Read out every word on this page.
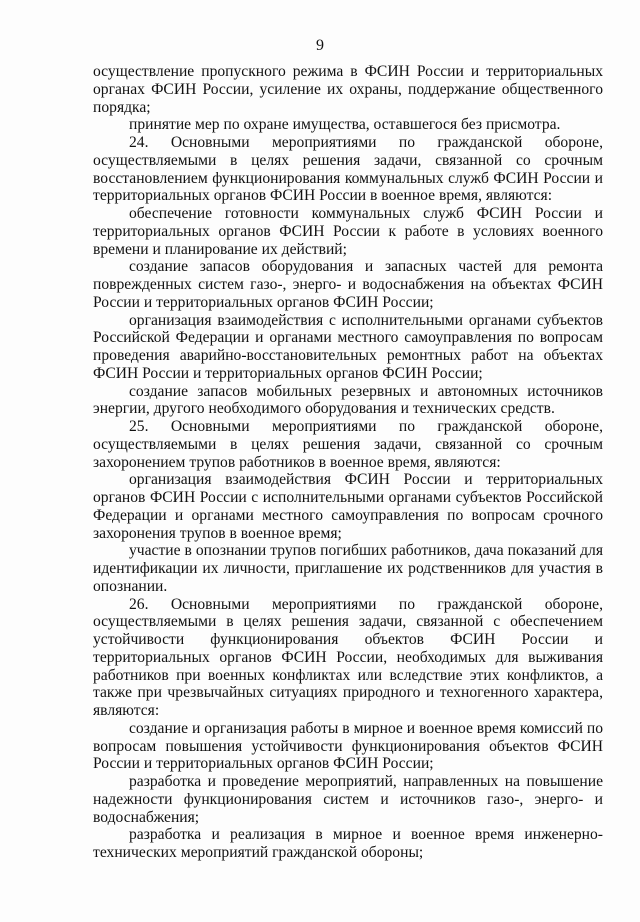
9

осуществление пропускного режима в ФСИН России и территориальных органах ФСИН России, усиление их охраны, поддержание общественного порядка;

принятие мер по охране имущества, оставшегося без присмотра.

24. Основными мероприятиями по гражданской обороне, осуществляемыми в целях решения задачи, связанной со срочным восстановлением функционирования коммунальных служб ФСИН России и территориальных органов ФСИН России в военное время, являются:

обеспечение готовности коммунальных служб ФСИН России и территориальных органов ФСИН России к работе в условиях военного времени и планирование их действий;

создание запасов оборудования и запасных частей для ремонта поврежденных систем газо-, энерго- и водоснабжения на объектах ФСИН России и территориальных органов ФСИН России;

организация взаимодействия с исполнительными органами субъектов Российской Федерации и органами местного самоуправления по вопросам проведения аварийно-восстановительных ремонтных работ на объектах ФСИН России и территориальных органов ФСИН России;

создание запасов мобильных резервных и автономных источников энергии, другого необходимого оборудования и технических средств.

25. Основными мероприятиями по гражданской обороне, осуществляемыми в целях решения задачи, связанной со срочным захоронением трупов работников в военное время, являются:

организация взаимодействия ФСИН России и территориальных органов ФСИН России с исполнительными органами субъектов Российской Федерации и органами местного самоуправления по вопросам срочного захоронения трупов в военное время;

участие в опознании трупов погибших работников, дача показаний для идентификации их личности, приглашение их родственников для участия в опознании.

26. Основными мероприятиями по гражданской обороне, осуществляемыми в целях решения задачи, связанной с обеспечением устойчивости функционирования объектов ФСИН России и территориальных органов ФСИН России, необходимых для выживания работников при военных конфликтах или вследствие этих конфликтов, а также при чрезвычайных ситуациях природного и техногенного характера, являются:

создание и организация работы в мирное и военное время комиссий по вопросам повышения устойчивости функционирования объектов ФСИН России и территориальных органов ФСИН России;

разработка и проведение мероприятий, направленных на повышение надежности функционирования систем и источников газо-, энерго- и водоснабжения;

разработка и реализация в мирное и военное время инженерно-технических мероприятий гражданской обороны;
